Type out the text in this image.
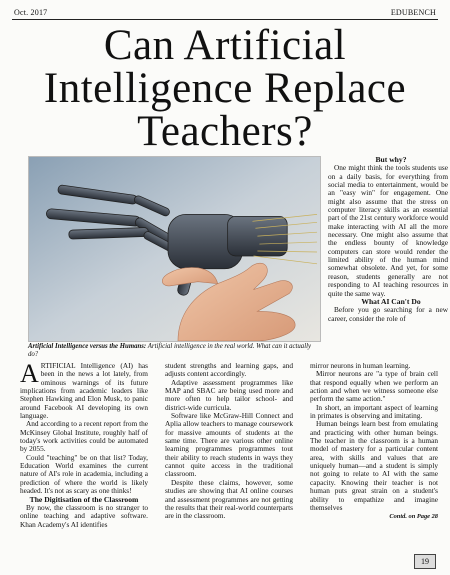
Oct. 2017	EDUBENCH
Can Artificial Intelligence Replace Teachers?
Artificial Intelligence versus the Humans: Artificial intelligence in the real world. What can it actually do?

But why?

One might think the tools students use on a daily basis, for everything from social media to entertainment, would be an "easy win" for engagement. One might also assume that the stress on computer literacy skills as an essential part of the 21st century workforce would make interacting with AI all the more necessary. One might also assume that the endless bounty of knowledge computers can store would render the limited ability of the human mind somewhat obsolete. And yet, for some reason, students generally are not responding to AI teaching resources in quite the same way.

What AI Can't Do

Before you go searching for a new career, consider the role of

ARTIFICIAL Intelligence (AI) has been in the news a lot lately, from ominous warnings of its future implications from academic leaders like Stephen Hawking and Elon Musk, to panic around Facebook AI developing its own language.

And according to a recent report from the McKinsey Global Institute, roughly half of today's work activities could be automated by 2055.

Could "teaching" be on that list? Today, Education World examines the current nature of AI's role in academia, including a prediction of where the world is likely headed. It's not as scary as one thinks!

The Digitisation of the Classroom

By now, the classroom is no stranger to online teaching and adaptive software. Khan Academy's AI identifies

student strengths and learning gaps, and adjusts content accordingly.

Adaptive assessment programmes like MAP and SBAC are being used more and more often to help tailor school- and district-wide curricula.

Software like McGraw-Hill Connect and Aplia allow teachers to manage coursework for massive amounts of students at the same time. There are various other online learning programmes programmes tout their ability to reach students in ways they cannot quite access in the traditional classroom.

Despite these claims, however, some studies are showing that AI online courses and assessment programmes are not getting the results that their real-world counterparts are in the classroom.

mirror neurons in human learning.

Mirror neurons are "a type of brain cell that respond equally when we perform an action and when we witness someone else perform the same action."

In short, an important aspect of learning in primates is observing and imitating.

Human beings learn best from emulating and practicing with other human beings. The teacher in the classroom is a human model of mastery for a particular content area, with skills and values that are uniquely human—and a student is simply not going to relate to AI with the same capacity. Knowing their teacher is not human puts great strain on a student's ability to empathize and imagine themselves

Contd. on Page 28
19
